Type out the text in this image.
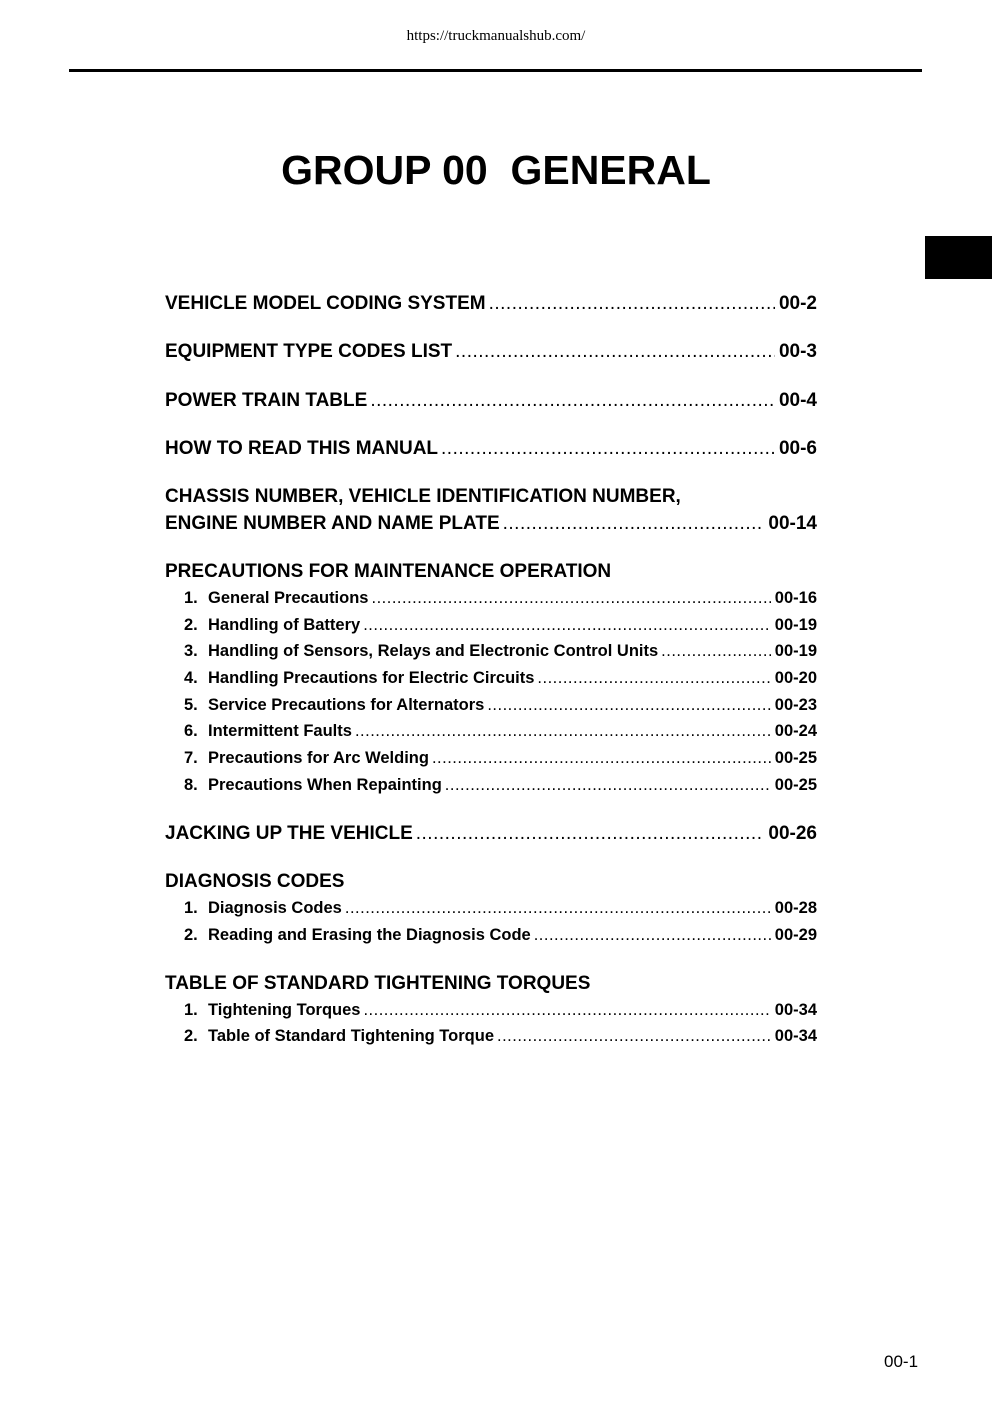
https://truckmanualshub.com/
GROUP 00  GENERAL
VEHICLE MODEL CODING SYSTEM .....	00-2
EQUIPMENT TYPE CODES LIST .....	00-3
POWER TRAIN TABLE .....	00-4
HOW TO READ THIS MANUAL .....	00-6
CHASSIS NUMBER, VEHICLE IDENTIFICATION NUMBER,
ENGINE NUMBER AND NAME PLATE .....	00-14
PRECAUTIONS FOR MAINTENANCE OPERATION
1. General Precautions .....	00-16
2. Handling of Battery .....	00-19
3. Handling of Sensors, Relays and Electronic Control Units .....	00-19
4. Handling Precautions for Electric Circuits .....	00-20
5. Service Precautions for Alternators .....	00-23
6. Intermittent Faults .....	00-24
7. Precautions for Arc Welding .....	00-25
8. Precautions When Repainting .....	00-25
JACKING UP THE VEHICLE .....	00-26
DIAGNOSIS CODES
1. Diagnosis Codes .....	00-28
2. Reading and Erasing the Diagnosis Code .....	00-29
TABLE OF STANDARD TIGHTENING TORQUES
1. Tightening Torques .....	00-34
2. Table of Standard Tightening Torque .....	00-34
00-1
